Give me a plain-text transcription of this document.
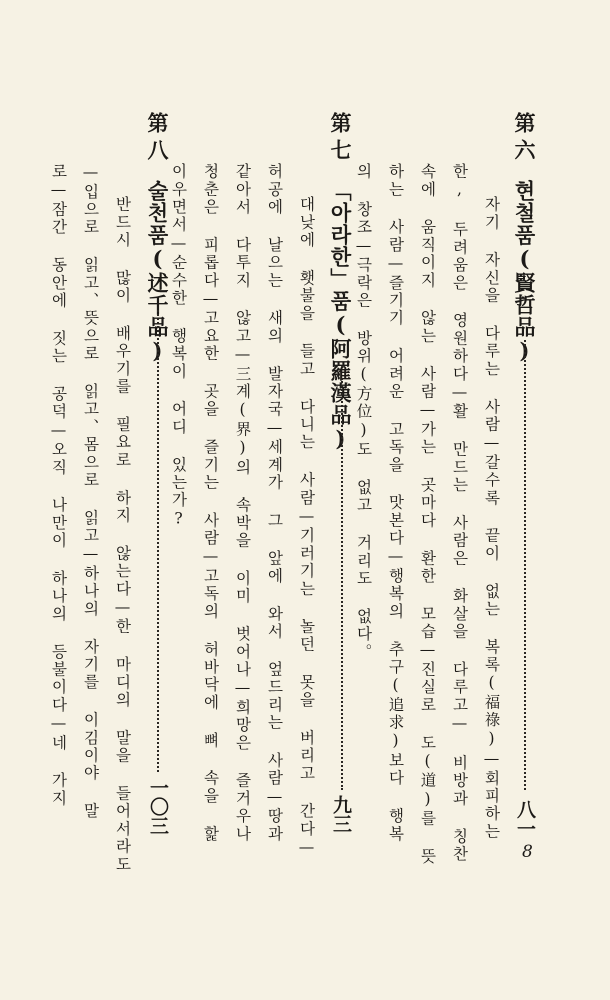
第六
현철품(賢哲品)
八一
자기 자신을 다루는 사람—갈수록 끝이 없는 복록(福祿)—회피하는
한, 두려움은 영원하다—활 만드는 사람은 화살을 다루고— 비방과 칭찬
속에 움직이지 않는 사람—가는 곳마다 환한 모습—진실로 도(道)를 뜻
하는 사람—즐기기 어려운 고독을 맛본다—행복의 추구(追求)보다 행복
의 창조—극락은 방위(方位)도 없고 거리도 없다。
第七
「아라한」품(阿羅漢品)
九三
대낮에 횃불을 들고 다니는 사람—기러기는 놀던 못을 버리고 간다—
허공에 날으는 새의 발자국—세계가 그 앞에 와서 엎드리는 사람—땅과
같아서 다투지 않고—三계(界)의 속박을 이미 벗어나—희망은 즐거우나
청춘은 피롭다—고요한 곳을 즐기는 사람—고독의 허바닥에 뼈 속을 핥
이우면서—순수한 행복이 어디 있는가?
第八
술천품(述千品)
一〇三
반드시 많이 배우기를 필요로 하지 않는다—한 마디의 말을 들어서라도
—입으로 읽고、뜻으로 읽고、몸으로 읽고—하나의 자기를 이김이야 말
로—잠간 동안에 짓는 공덕—오직 나만이 하나의 등불이다—네 가지
8
